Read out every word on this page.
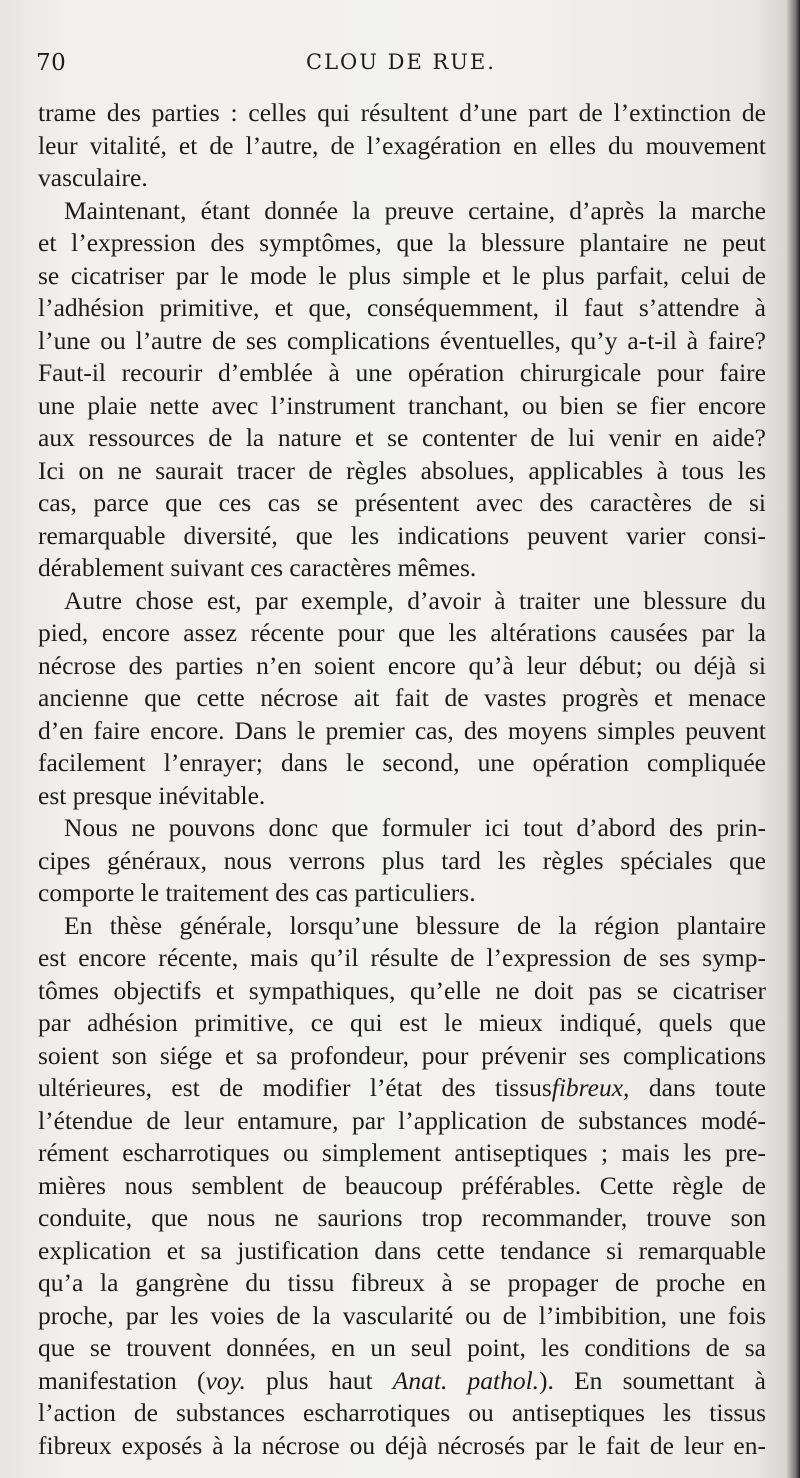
70	CLOU DE RUE.
trame des parties : celles qui résultent d’une part de l’extinction de
leur vitalité, et de l’autre, de l’exagération en elles du mouvement
vasculaire.
Maintenant, étant donnée la preuve certaine, d’après la marche
et l’expression des symptômes, que la blessure plantaire ne peut
se cicatriser par le mode le plus simple et le plus parfait, celui de
l’adhésion primitive, et que, conséquemment, il faut s’attendre à
l’une ou l’autre de ses complications éventuelles, qu’y a-t-il à faire?
Faut-il recourir d’emblée à une opération chirurgicale pour faire
une plaie nette avec l’instrument tranchant, ou bien se fier encore
aux ressources de la nature et se contenter de lui venir en aide?
Ici on ne saurait tracer de règles absolues, applicables à tous les
cas, parce que ces cas se présentent avec des caractères de si
remarquable diversité, que les indications peuvent varier consi-
dérablement suivant ces caractères mêmes.
Autre chose est, par exemple, d’avoir à traiter une blessure du
pied, encore assez récente pour que les altérations causées par la
nécrose des parties n’en soient encore qu’à leur début; ou déjà si
ancienne que cette nécrose ait fait de vastes progrès et menace
d’en faire encore. Dans le premier cas, des moyens simples peuvent
facilement l’enrayer; dans le second, une opération compliquée
est presque inévitable.
Nous ne pouvons donc que formuler ici tout d’abord des prin-
cipes généraux, nous verrons plus tard les règles spéciales que
comporte le traitement des cas particuliers.
En thèse générale, lorsqu’une blessure de la région plantaire
est encore récente, mais qu’il résulte de l’expression de ses symp-
tômes objectifs et sympathiques, qu’elle ne doit pas se cicatriser
par adhésion primitive, ce qui est le mieux indiqué, quels que
soient son siége et sa profondeur, pour prévenir ses complications
ultérieures, est de modifier l’état des tissusfibreux, dans toute
l’étendue de leur entamure, par l’application de substances modé-
rément escharrotiques ou simplement antiseptiques ; mais les pre-
mières nous semblent de beaucoup préférables. Cette règle de
conduite, que nous ne saurions trop recommander, trouve son
explication et sa justification dans cette tendance si remarquable
qu’a la gangrène du tissu fibreux à se propager de proche en
proche, par les voies de la vascularité ou de l’imbibition, une fois
que se trouvent données, en un seul point, les conditions de sa
manifestation (voy. plus haut Anat. pathol.). En soumettant à
l’action de substances escharrotiques ou antiseptiques les tissus
fibreux exposés à la nécrose ou déjà nécrosés par le fait de leur en-
